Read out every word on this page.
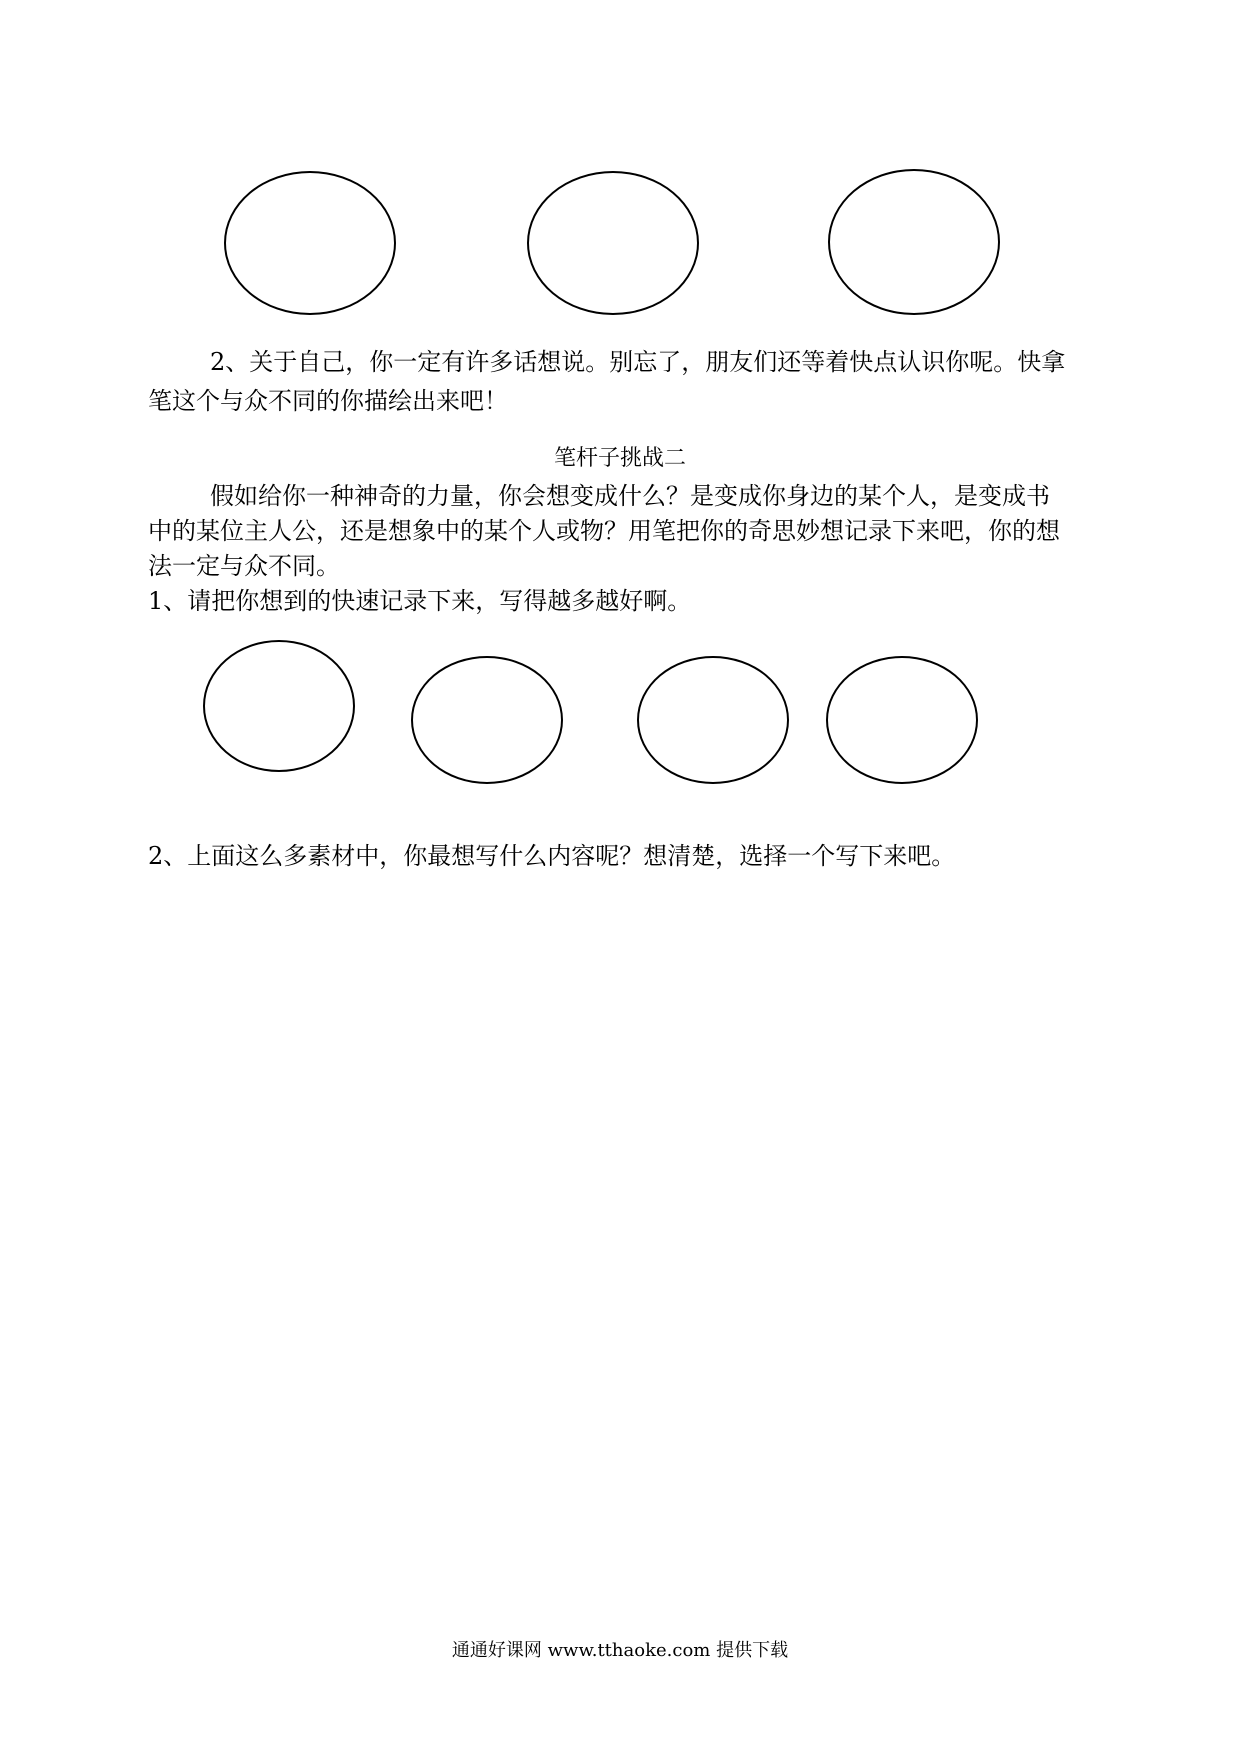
2、关于自己，你一定有许多话想说。别忘了，朋友们还等着快点认识你呢。快拿
笔这个与众不同的你描绘出来吧！
笔杆子挑战二
假如给你一种神奇的力量，你会想变成什么？是变成你身边的某个人，是变成书
中的某位主人公，还是想象中的某个人或物？用笔把你的奇思妙想记录下来吧，你的想
法一定与众不同。
1、请把你想到的快速记录下来，写得越多越好啊。
2、上面这么多素材中，你最想写什么内容呢？想清楚，选择一个写下来吧。
通通好课网 www.tthaoke.com 提供下载
